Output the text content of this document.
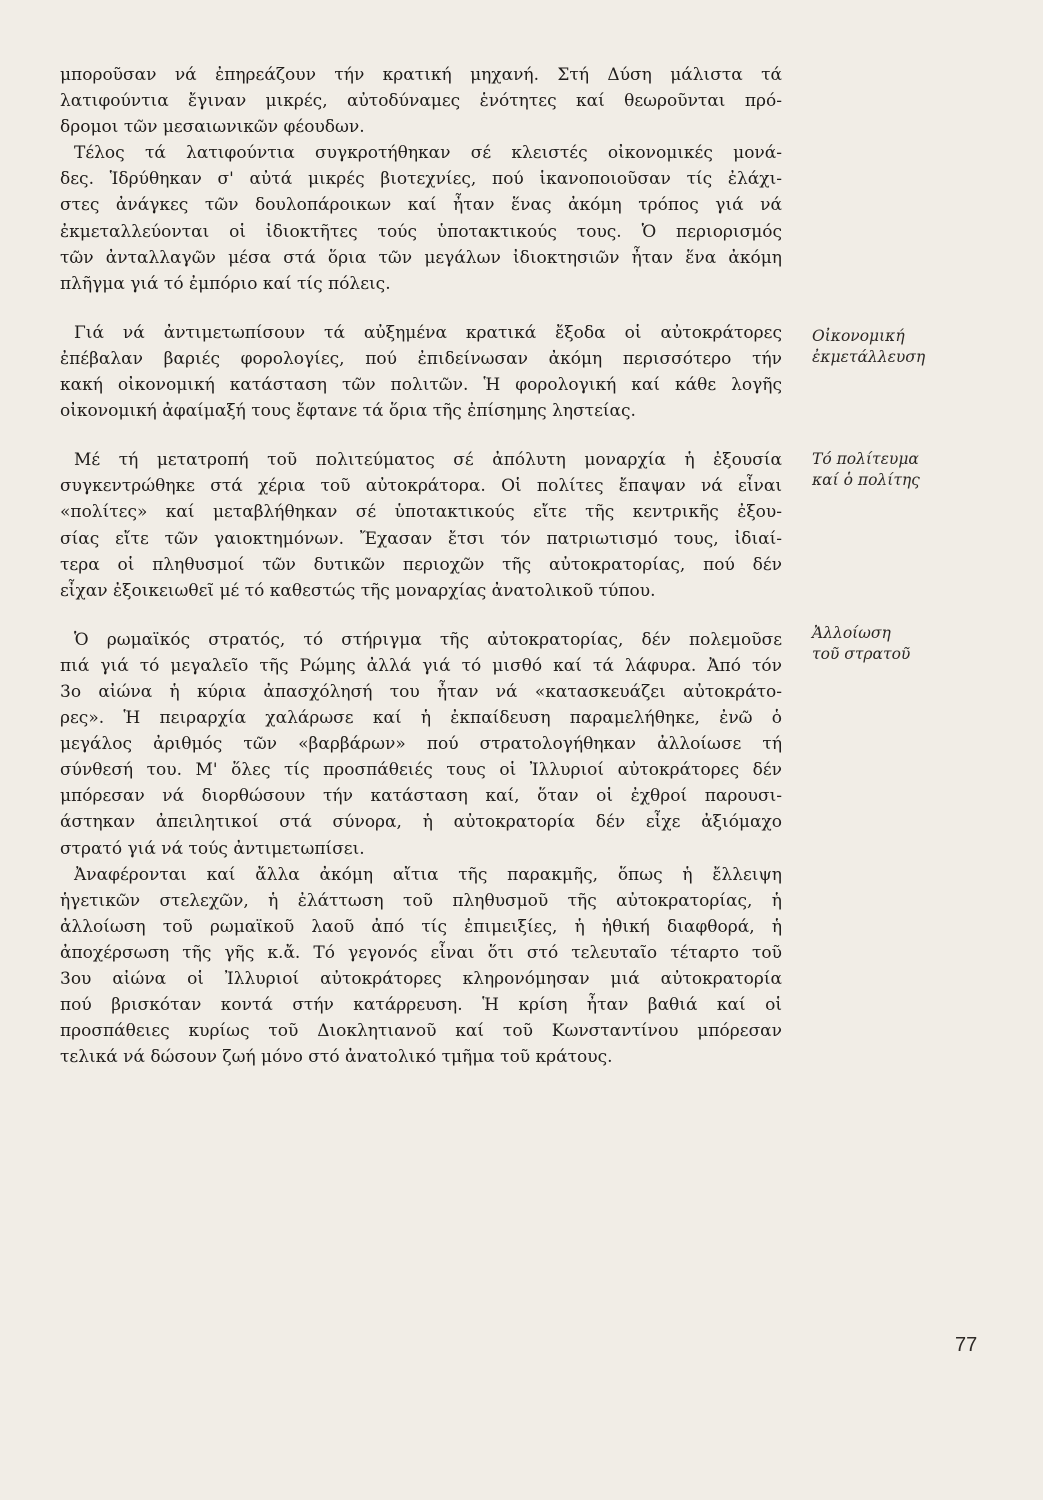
μποροῦσαν νά ἐπηρεάζουν τήν κρατική μηχανή. Στή Δύση μάλιστα τά
λατιφούντια ἔγιναν μικρές, αὐτοδύναμες ἑνότητες καί θεωροῦνται πρό-
δρομοι τῶν μεσαιωνικῶν φέουδων.

Τέλος τά λατιφούντια συγκροτήθηκαν σέ κλειστές οἰκονομικές μονά-
δες. Ἱδρύθηκαν σ' αὐτά μικρές βιοτεχνίες, πού ἱκανοποιοῦσαν τίς ἐλάχι-
στες ἀνάγκες τῶν δουλοπάροικων καί ἦταν ἕνας ἀκόμη τρόπος γιά νά
ἐκμεταλλεύονται οἱ ἰδιοκτῆτες τούς ὑποτακτικούς τους. Ὁ περιορισμός
τῶν ἀνταλλαγῶν μέσα στά ὅρια τῶν μεγάλων ἰδιοκτησιῶν ἦταν ἕνα ἀκόμη
πλῆγμα γιά τό ἐμπόριο καί τίς πόλεις.

Γιά νά ἀντιμετωπίσουν τά αὐξημένα κρατικά ἔξοδα οἱ αὐτοκράτορες
ἐπέβαλαν βαριές φορολογίες, πού ἐπιδείνωσαν ἀκόμη περισσότερο τήν
κακή οἰκονομική κατάσταση τῶν πολιτῶν. Ἡ φορολογική καί κάθε λογῆς
οἰκονομική ἀφαίμαξή τους ἔφτανε τά ὅρια τῆς ἐπίσημης ληστείας.

Μέ τή μετατροπή τοῦ πολιτεύματος σέ ἀπόλυτη μοναρχία ἡ ἐξουσία
συγκεντρώθηκε στά χέρια τοῦ αὐτοκράτορα. Οἱ πολίτες ἔπαψαν νά εἶναι
«πολίτες» καί μεταβλήθηκαν σέ ὑποτακτικούς εἴτε τῆς κεντρικῆς ἐξου-
σίας εἴτε τῶν γαιοκτημόνων. Ἔχασαν ἔτσι τόν πατριωτισμό τους, ἰδιαί-
τερα οἱ πληθυσμοί τῶν δυτικῶν περιοχῶν τῆς αὐτοκρατορίας, πού δέν
εἶχαν ἐξοικειωθεῖ μέ τό καθεστώς τῆς μοναρχίας ἀνατολικοῦ τύπου.

Ὁ ρωμαϊκός στρατός, τό στήριγμα τῆς αὐτοκρατορίας, δέν πολεμοῦσε
πιά γιά τό μεγαλεῖο τῆς Ρώμης ἀλλά γιά τό μισθό καί τά λάφυρα. Ἀπό τόν
3ο αἰώνα ἡ κύρια ἀπασχόλησή του ἦταν νά «κατασκευάζει αὐτοκράτο-
ρες». Ἡ πειραρχία χαλάρωσε καί ἡ ἐκπαίδευση παραμελήθηκε, ἐνῶ ὁ
μεγάλος ἀριθμός τῶν «βαρβάρων» πού στρατολογήθηκαν ἀλλοίωσε τή
σύνθεσή του. Μ' ὅλες τίς προσπάθειές τους οἱ Ἰλλυριοί αὐτοκράτορες δέν
μπόρεσαν νά διορθώσουν τήν κατάσταση καί, ὅταν οἱ ἐχθροί παρουσι-
άστηκαν ἀπειλητικοί στά σύνορα, ἡ αὐτοκρατορία δέν εἶχε ἀξιόμαχο
στρατό γιά νά τούς ἀντιμετωπίσει.

Ἀναφέρονται καί ἄλλα ἀκόμη αἴτια τῆς παρακμῆς, ὅπως ἡ ἔλλειψη
ἡγετικῶν στελεχῶν, ἡ ἐλάττωση τοῦ πληθυσμοῦ τῆς αὐτοκρατορίας, ἡ
ἀλλοίωση τοῦ ρωμαϊκοῦ λαοῦ ἀπό τίς ἐπιμειξίες, ἡ ἠθική διαφθορά, ἡ
ἀποχέρσωση τῆς γῆς κ.ἄ. Τό γεγονός εἶναι ὅτι στό τελευταῖο τέταρτο τοῦ
3ου αἰώνα οἱ Ἰλλυριοί αὐτοκράτορες κληρονόμησαν μιά αὐτοκρατορία
πού βρισκόταν κοντά στήν κατάρρευση. Ἡ κρίση ἦταν βαθιά καί οἱ
προσπάθειες κυρίως τοῦ Διοκλητιανοῦ καί τοῦ Κωνσταντίνου μπόρεσαν
τελικά νά δώσουν ζωή μόνο στό ἀνατολικό τμῆμα τοῦ κράτους.

Οἰκονομική
ἐκμετάλλευση
Τό πολίτευμα
καί ὁ πολίτης
Ἀλλοίωση
τοῦ στρατοῦ
77
